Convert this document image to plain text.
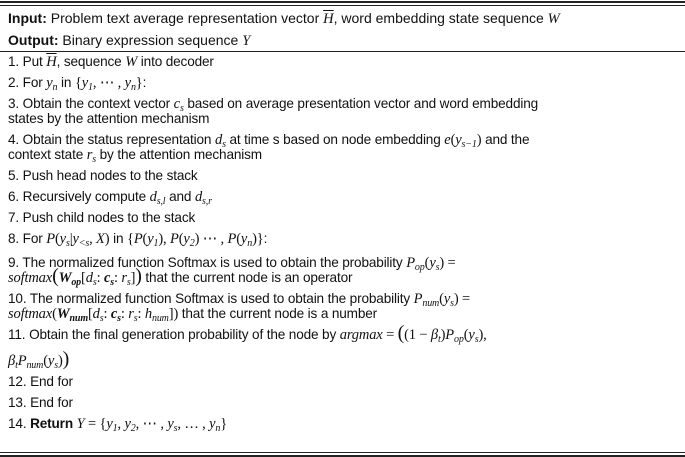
Input: Problem text average representation vector $\overline{H}$, word embedding state sequence W
Output: Binary expression sequence Y
1. Put $\overline{H}$, sequence W into decoder
2. For $y_n$ in {$y_1$, ⋯ , $y_n$}:
3. Obtain the context vector $c_s$ based on average presentation vector and word embedding
states by the attention mechanism
4. Obtain the status representation $d_s$ at time s based on node embedding $e(y_{s-1})$ and the
context state $r_s$ by the attention mechanism
5. Push head nodes to the stack
6. Recursively compute $d_{s,l}$ and $d_{s,r}$
7. Push child nodes to the stack
8. For $P(y_s|y_{<s}$, X) in {$P(y_1)$, $P(y_2)$ ⋯ , $P(y_n)$}:
9. The normalized function Softmax is used to obtain the probability $P_{op}(y_s)$ =
$softmax(W_{op}[d_s$: $c_s$: $r_s$]) that the current node is an operator
10. The normalized function Softmax is used to obtain the probability $P_{num}(y_s)$ =
$softmax(W_{num}[d_s$: $c_s$: $r_s$: $h_{num}$]) that the current node is a number
11. Obtain the final generation probability of the node by $argmax = ((1 - \beta_t)P_{op}(y_s)$,
$\beta_tP_{num}(y_s)$)
12. End for
13. End for
14. Return $Y = \{y_1$, $y_2$, ⋯ , $y_s$, … , $y_n$}
